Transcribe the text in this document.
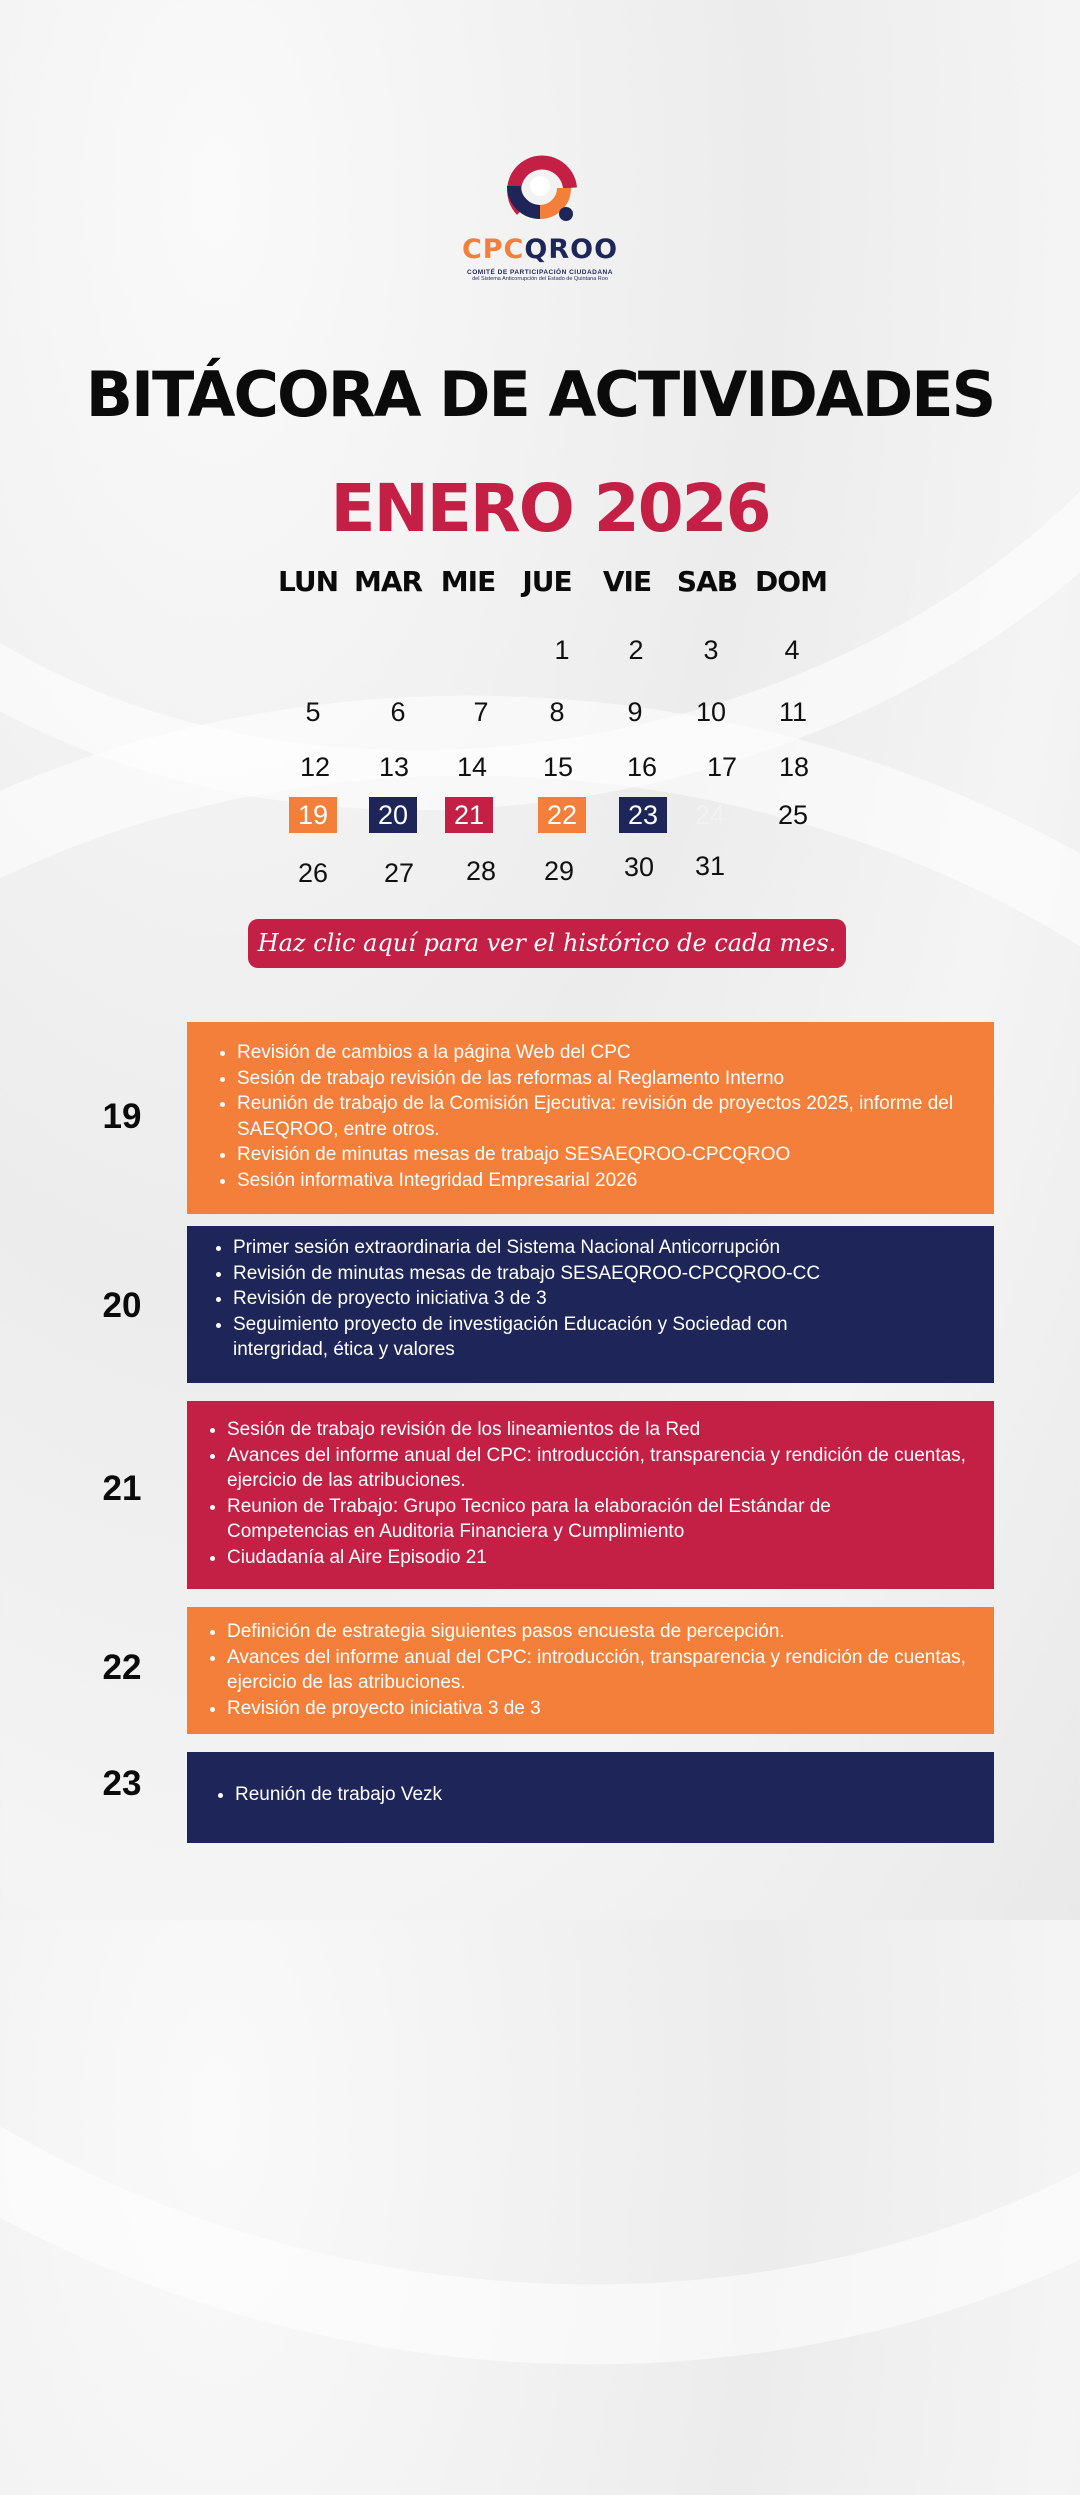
CPCQROO
COMITÉ DE PARTICIPACIÓN CIUDADANA
del Sistema Anticorrupción del Estado de Quintana Roo
BITÁCORA DE ACTIVIDADES
ENERO 2026
LUN MAR MIE JUE	VIE SAB DOM
1	2	3	4
5	6	7	8	9	10	11
12	13	14	15	16	17	18
19	20	21	22	23	24	25
26	27	28	29	30	31
Haz clic aquí para ver el histórico de cada mes.
19
• Revisión de cambios a la página Web del CPC
• Sesión de trabajo revisión de las reformas al Reglamento Interno
• Reunión de trabajo de la Comisión Ejecutiva: revisión de proyectos 2025, informe del SAEQROO, entre otros.
• Revisión de minutas mesas de trabajo SESAEQROO-CPCQROO
• Sesión informativa Integridad Empresarial 2026
20
• Primer sesión extraordinaria del Sistema Nacional Anticorrupción
• Revisión de minutas mesas de trabajo SESAEQROO-CPCQROO-CC
• Revisión de proyecto iniciativa 3 de 3
• Seguimiento proyecto de investigación Educación y Sociedad con intergridad, ética y valores
21
• Sesión de trabajo revisión de los lineamientos de la Red
• Avances del informe anual del CPC: introducción, transparencia y rendición de cuentas, ejercicio de las atribuciones.
• Reunion de Trabajo: Grupo Tecnico para la elaboración del Estándar de Competencias en Auditoria Financiera y Cumplimiento
• Ciudadanía al Aire Episodio 21
22
• Definición de estrategia siguientes pasos encuesta de percepción.
• Avances del informe anual del CPC: introducción, transparencia y rendición de cuentas, ejercicio de las atribuciones.
• Revisión de proyecto iniciativa 3 de 3
23
•	Reunión de trabajo Vezk
